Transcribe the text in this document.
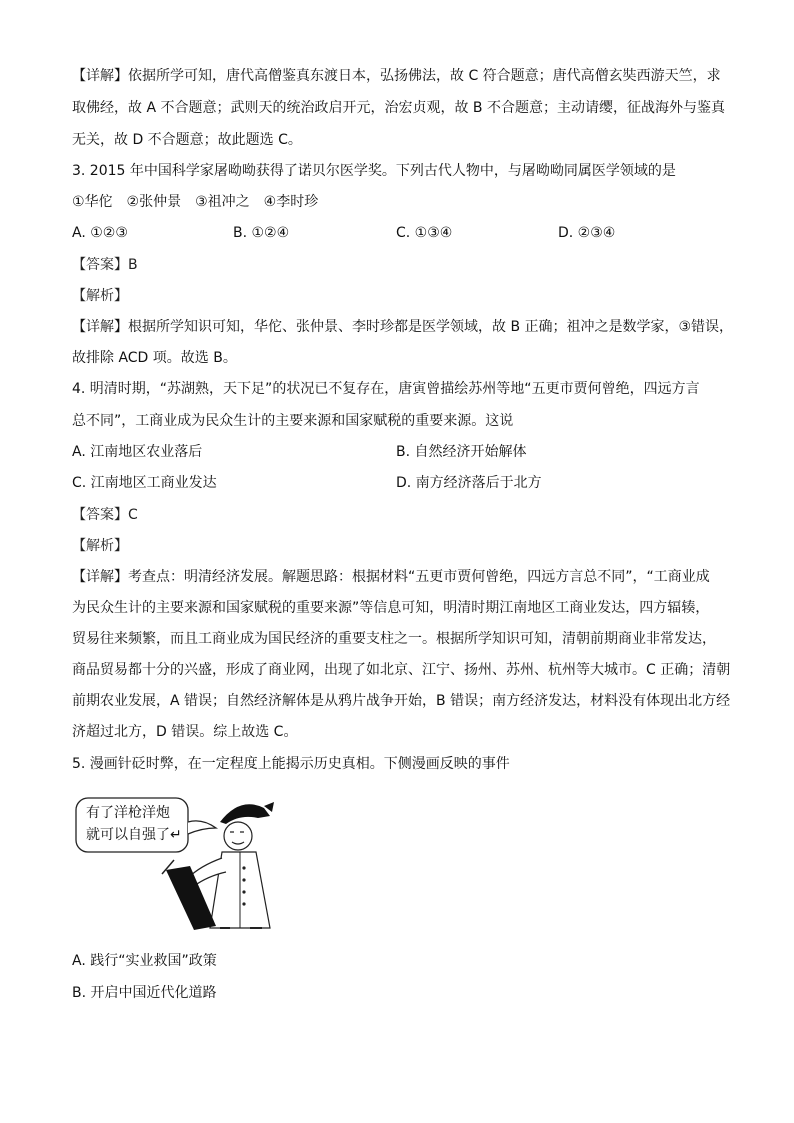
【详解】依据所学可知，唐代高僧鉴真东渡日本，弘扬佛法，故 C 符合题意；唐代高僧玄奘西游天竺，求
取佛经，故 A 不合题意；武则天的统治政启开元，治宏贞观，故 B 不合题意；主动请缨，征战海外与鉴真
无关，故 D 不合题意；故此题选 C。
3. 2015 年中国科学家屠呦呦获得了诺贝尔医学奖。下列古代人物中，与屠呦呦同属医学领域的是
①华佗　②张仲景　③祖冲之　④李时珍
A. ①②③	B. ①②④	C. ①③④	D. ②③④
【答案】B
【解析】
【详解】根据所学知识可知，华佗、张仲景、李时珍都是医学领域，故 B 正确；祖冲之是数学家，③错误，
故排除 ACD 项。故选 B。
4. 明清时期，“苏湖熟，天下足”的状况已不复存在，唐寅曾描绘苏州等地“五更市贾何曾绝，四远方言
总不同”，工商业成为民众生计的主要来源和国家赋税的重要来源。这说
A. 江南地区农业落后	B. 自然经济开始解体
C. 江南地区工商业发达	D. 南方经济落后于北方
【答案】C
【解析】
【详解】考查点：明清经济发展。解题思路：根据材料“五更市贾何曾绝，四远方言总不同”，“工商业成
为民众生计的主要来源和国家赋税的重要来源”等信息可知，明清时期江南地区工商业发达，四方辐辏，
贸易往来频繁，而且工商业成为国民经济的重要支柱之一。根据所学知识可知，清朝前期商业非常发达，
商品贸易都十分的兴盛，形成了商业网，出现了如北京、江宁、扬州、苏州、杭州等大城市。C 正确；清朝
前期农业发展，A 错误；自然经济解体是从鸦片战争开始，B 错误；南方经济发达，材料没有体现出北方经
济超过北方，D 错误。综上故选 C。
5. 漫画针砭时弊，在一定程度上能揭示历史真相。下侧漫画反映的事件
有了洋枪洋炮
就可以自强了↵
A. 践行“实业救国”政策
B. 开启中国近代化道路
